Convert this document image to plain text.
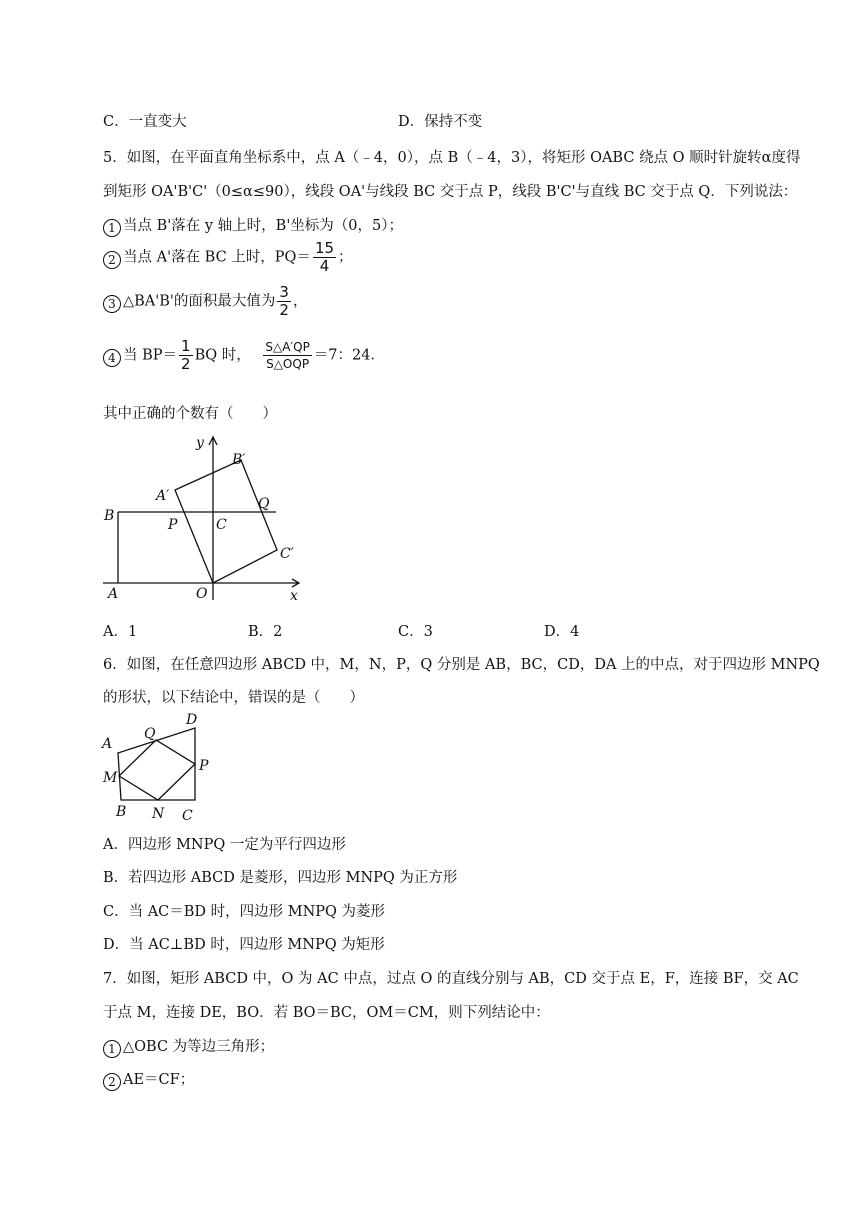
C．一直变大	D．保持不变
5．如图，在平面直角坐标系中，点 A（﹣4，0），点 B（﹣4，3），将矩形 OABC 绕点 O 顺时针旋转α度得
到矩形 OA'B'C'（0≤α≤90），线段 OA'与线段 BC 交于点 P，线段 B'C'与直线 BC 交于点 Q．下列说法：
1 当点 B'落在 y 轴上时，B'坐标为（0，5）；
2 当点 A'落在 BC 上时，$PQ= \frac{15}{4}$ ；
3 △BA'B'的面积最大值为 $\frac{3}{2}$ ，
4 当 $BP= \frac{1}{2}$ BQ 时， $\frac{S\triangle A'QP}{\text{S△OQP}} =7$：24．
其中正确的个数有（　　）
y
x
B
A	O
C
P
Q
A′
B′
C′
A．1	B．2	C．3	D．4
6．如图，在任意四边形 ABCD 中，M，N，P，Q 分别是 AB，BC，CD，DA 上的中点，对于四边形 MNPQ
的形状，以下结论中，错误的是（　　）
A
B	C
D
M
N
P
Q
A．四边形 MNPQ 一定为平行四边形
B．若四边形 ABCD 是菱形，四边形 MNPQ 为正方形
C．当 AC＝BD 时，四边形 MNPQ 为菱形
D．当 AC⊥BD 时，四边形 MNPQ 为矩形
7．如图，矩形 ABCD 中，O 为 AC 中点，过点 O 的直线分别与 AB，CD 交于点 E，F，连接 BF，交 AC
于点 M，连接 DE，BO．若 BO＝BC，OM＝CM，则下列结论中：
1 △OBC 为等边三角形；
2 AE＝CF；
